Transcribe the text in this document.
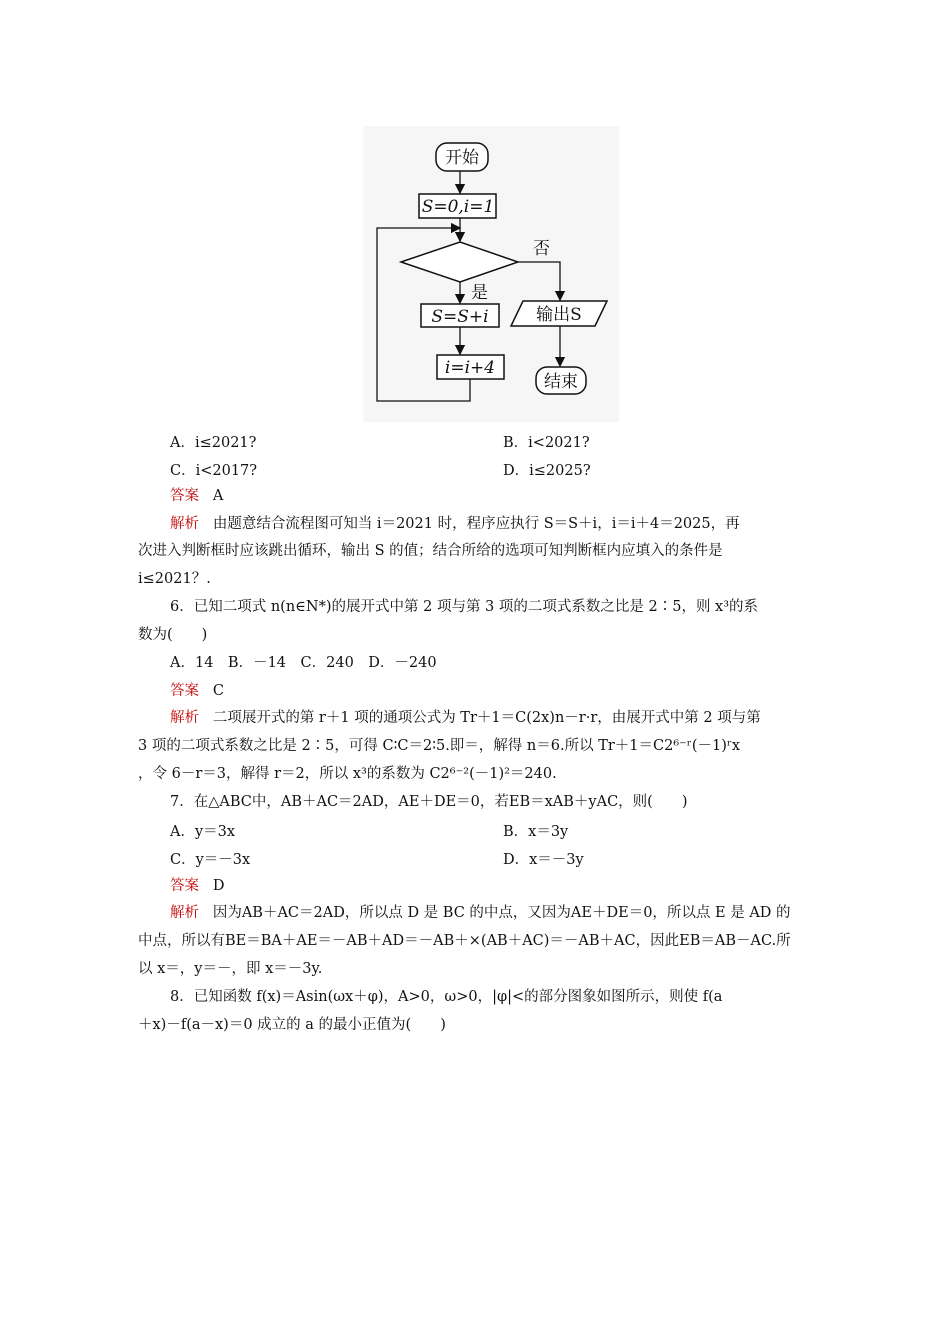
开始
S=0,i=1
否
是
S=S+i
i=i+4
输出S
结束
A．i≤2021?	B．i<2021?
C．i<2017?	D．i≤2025?
答案 A
解析 由题意结合流程图可知当 i＝2021 时，程序应执行 S＝S＋i，i＝i＋4＝2025，再
次进入判断框时应该跳出循环，输出 S 的值；结合所给的选项可知判断框内应填入的条件是
i≤2021？.
6．已知二项式 n(n∈N*)的展开式中第 2 项与第 3 项的二项式系数之比是 2∶5，则 x³的系
数为(　　)
A．14　B．－14　C．240　D．－240
答案 C
解析 二项展开式的第 r＋1 项的通项公式为 Tr＋1＝C(2x)n－r·r，由展开式中第 2 项与第
3 项的二项式系数之比是 2∶5，可得 C∶C＝2∶5.即＝，解得 n＝6.所以 Tr＋1＝C2⁶⁻ʳ(－1)ʳx
，令 6－r＝3，解得 r＝2，所以 x³的系数为 C2⁶⁻²(－1)²＝240.
7．在△ABC中，AB＋AC＝2AD，AE＋DE＝0，若EB＝xAB＋yAC，则(　　)
A．y＝3x	B．x＝3y
C．y＝－3x	D．x＝－3y
答案 D
解析 因为AB＋AC＝2AD，所以点 D 是 BC 的中点，又因为AE＋DE＝0，所以点 E 是 AD 的
中点，所以有BE＝BA＋AE＝－AB＋AD＝－AB＋×(AB＋AC)＝－AB＋AC，因此EB＝AB－AC.所
以 x＝，y＝－，即 x＝－3y.
8．已知函数 f(x)＝Asin(ωx＋φ)，A>0，ω>0，|φ|<的部分图象如图所示，则使 f(a
＋x)－f(a－x)＝0 成立的 a 的最小正值为(　　)
